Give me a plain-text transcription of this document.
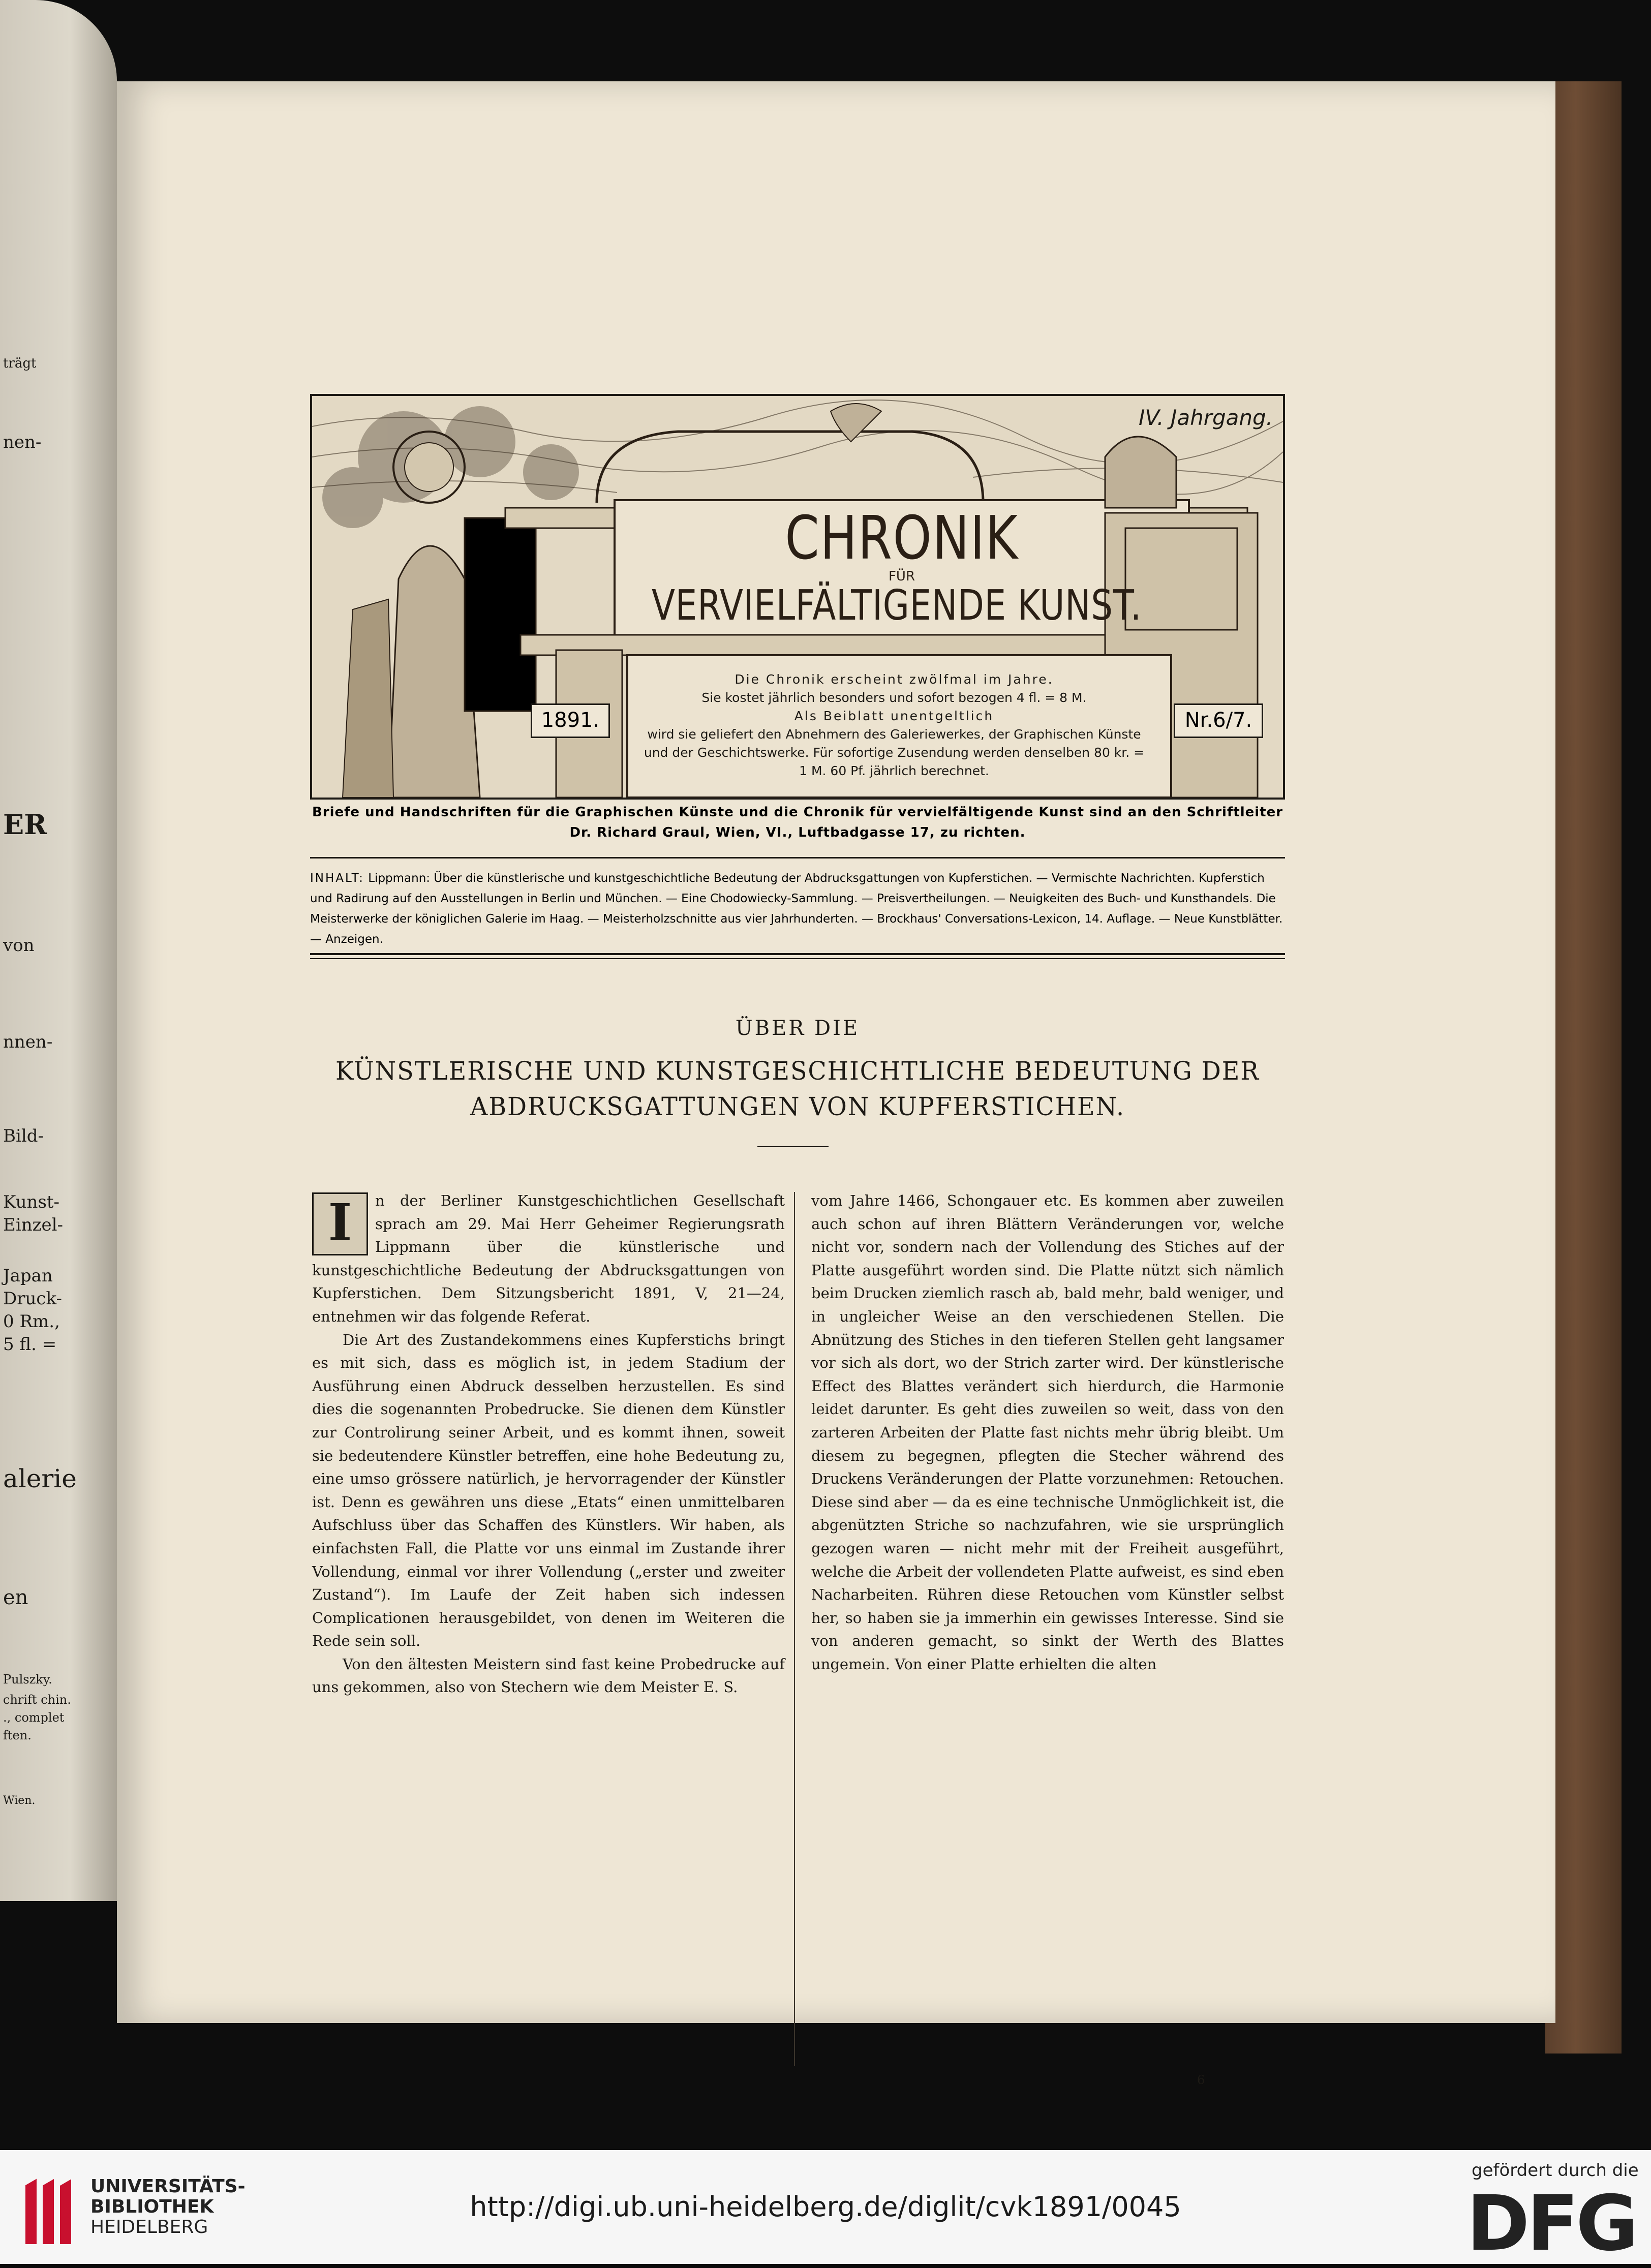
trägt
nen-
ER
von
nnen-
Bild-
Kunst-
Einzel-
Japan
Druck-
0 Rm.,
5 fl. =
alerie
en
Pulszky.
chrift chin.
., complet
ften.
Wien.
IV. Jahrgang.
CHRONIK
FÜR
VERVIELFÄLTIGENDE KUNST.
Die Chronik erscheint zwölfmal im Jahre.
Sie kostet jährlich besonders und sofort bezogen 4 fl. = 8 M.
Als Beiblatt unentgeltlich
wird sie geliefert den Abnehmern des Galeriewerkes, der Graphischen Künste
und der Geschichtswerke. Für sofortige Zusendung werden denselben 80 kr. =
1 M. 60 Pf. jährlich berechnet.
1891.	Nr.6/7.
Briefe und Handschriften für die Graphischen Künste und die Chronik für vervielfältigende Kunst sind an den Schriftleiter
Dr. Richard Graul, Wien, VI., Luftbadgasse 17, zu richten.
INHALT: Lippmann: Über die künstlerische und kunstgeschichtliche Bedeutung der Abdrucksgattungen von Kupferstichen. — Vermischte Nachrichten. Kupferstich und Radirung auf den Ausstellungen in Berlin und München. — Eine Chodowiecky-Sammlung. — Preisvertheilungen. — Neuigkeiten des Buch- und Kunsthandels. Die Meisterwerke der königlichen Galerie im Haag. — Meisterholzschnitte aus vier Jahrhunderten. — Brockhaus' Conversations-Lexicon, 14. Auflage. — Neue Kunstblätter. — Anzeigen.
ÜBER DIE
KÜNSTLERISCHE UND KUNSTGESCHICHTLICHE BEDEUTUNG DER
ABDRUCKSGATTUNGEN VON KUPFERSTICHEN.

I	n der Berliner Kunstgeschichtlichen Gesellschaft sprach am 29. Mai Herr Geheimer Regierungsrath Lippmann über die künstlerische und kunstgeschichtliche Bedeutung der Abdrucksgattungen von Kupferstichen. Dem Sitzungsbericht 1891, V, 21—24, entnehmen wir das folgende Referat.

Die Art des Zustandekommens eines Kupferstichs bringt es mit sich, dass es möglich ist, in jedem Stadium der Ausführung einen Abdruck desselben herzustellen. Es sind dies die sogenannten Probedrucke. Sie dienen dem Künstler zur Controlirung seiner Arbeit, und es kommt ihnen, soweit sie bedeutendere Künstler betreffen, eine hohe Bedeutung zu, eine umso grössere natürlich, je hervorragender der Künstler ist. Denn es gewähren uns diese „Etats“ einen unmittelbaren Aufschluss über das Schaffen des Künstlers. Wir haben, als einfachsten Fall, die Platte vor uns einmal im Zustande ihrer Vollendung, einmal vor ihrer Vollendung („erster und zweiter Zustand“). Im Laufe der Zeit haben sich indessen Complicationen herausgebildet, von denen im Weiteren die Rede sein soll.

Von den ältesten Meistern sind fast keine Probedrucke auf uns gekommen, also von Stechern wie dem Meister E. S.

vom Jahre 1466, Schongauer etc. Es kommen aber zuweilen auch schon auf ihren Blättern Veränderungen vor, welche nicht vor, sondern nach der Vollendung des Stiches auf der Platte ausgeführt worden sind. Die Platte nützt sich nämlich beim Drucken ziemlich rasch ab, bald mehr, bald weniger, und in ungleicher Weise an den verschiedenen Stellen. Die Abnützung des Stiches in den tieferen Stellen geht langsamer vor sich als dort, wo der Strich zarter wird. Der künstlerische Effect des Blattes verändert sich hierdurch, die Harmonie leidet darunter. Es geht dies zuweilen so weit, dass von den zarteren Arbeiten der Platte fast nichts mehr übrig bleibt. Um diesem zu begegnen, pflegten die Stecher während des Druckens Veränderungen der Platte vorzunehmen: Retouchen. Diese sind aber — da es eine technische Unmöglichkeit ist, die abgenützten Striche so nachzufahren, wie sie ursprünglich gezogen waren — nicht mehr mit der Freiheit ausgeführt, welche die Arbeit der vollendeten Platte aufweist, es sind eben Nacharbeiten. Rühren diese Retouchen vom Künstler selbst her, so haben sie ja immerhin ein gewisses Interesse. Sind sie von anderen gemacht, so sinkt der Werth des Blattes ungemein. Von einer Platte erhielten die alten

6
UNIVERSITÄTS-
BIBLIOTHEK
HEIDELBERG
http://digi.ub.uni-heidelberg.de/diglit/cvk1891/0045
gefördert durch die
DFG
